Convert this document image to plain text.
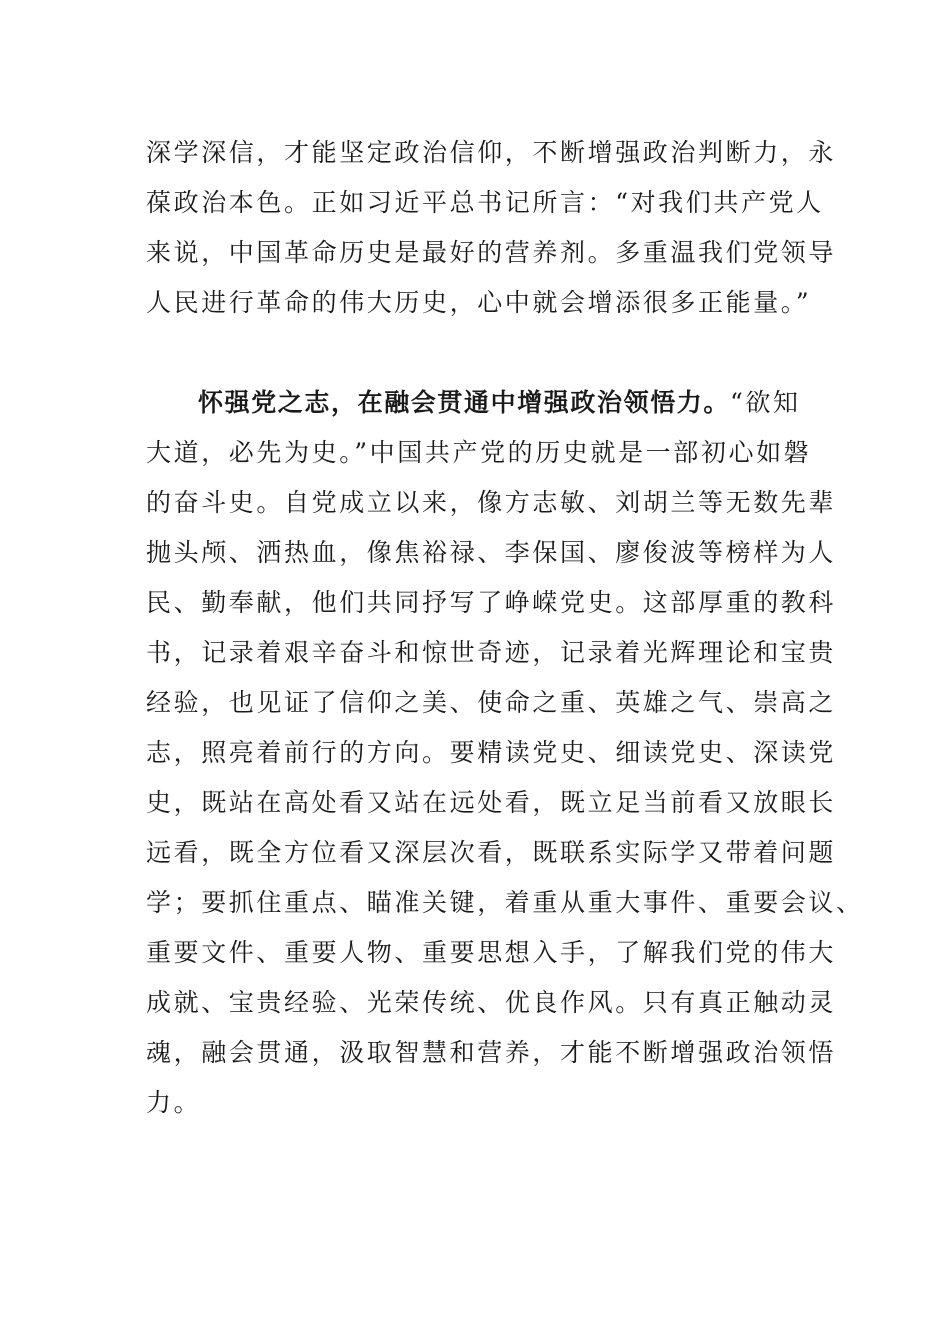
深学深信，才能坚定政治信仰，不断增强政治判断力，永
葆政治本色。正如习近平总书记所言：“对我们共产党人
来说，中国革命历史是最好的营养剂。多重温我们党领导
人民进行革命的伟大历史，心中就会增添很多正能量。”
怀强党之志，在融会贯通中增强政治领悟力。“欲知
大道，必先为史。”中国共产党的历史就是一部初心如磐
的奋斗史。自党成立以来，像方志敏、刘胡兰等无数先辈
抛头颅、洒热血，像焦裕禄、李保国、廖俊波等榜样为人
民、勤奉献，他们共同抒写了峥嵘党史。这部厚重的教科
书，记录着艰辛奋斗和惊世奇迹，记录着光辉理论和宝贵
经验，也见证了信仰之美、使命之重、英雄之气、崇高之
志，照亮着前行的方向。要精读党史、细读党史、深读党
史，既站在高处看又站在远处看，既立足当前看又放眼长
远看，既全方位看又深层次看，既联系实际学又带着问题
学；要抓住重点、瞄准关键，着重从重大事件、重要会议、
重要文件、重要人物、重要思想入手，了解我们党的伟大
成就、宝贵经验、光荣传统、优良作风。只有真正触动灵
魂，融会贯通，汲取智慧和营养，才能不断增强政治领悟
力。
